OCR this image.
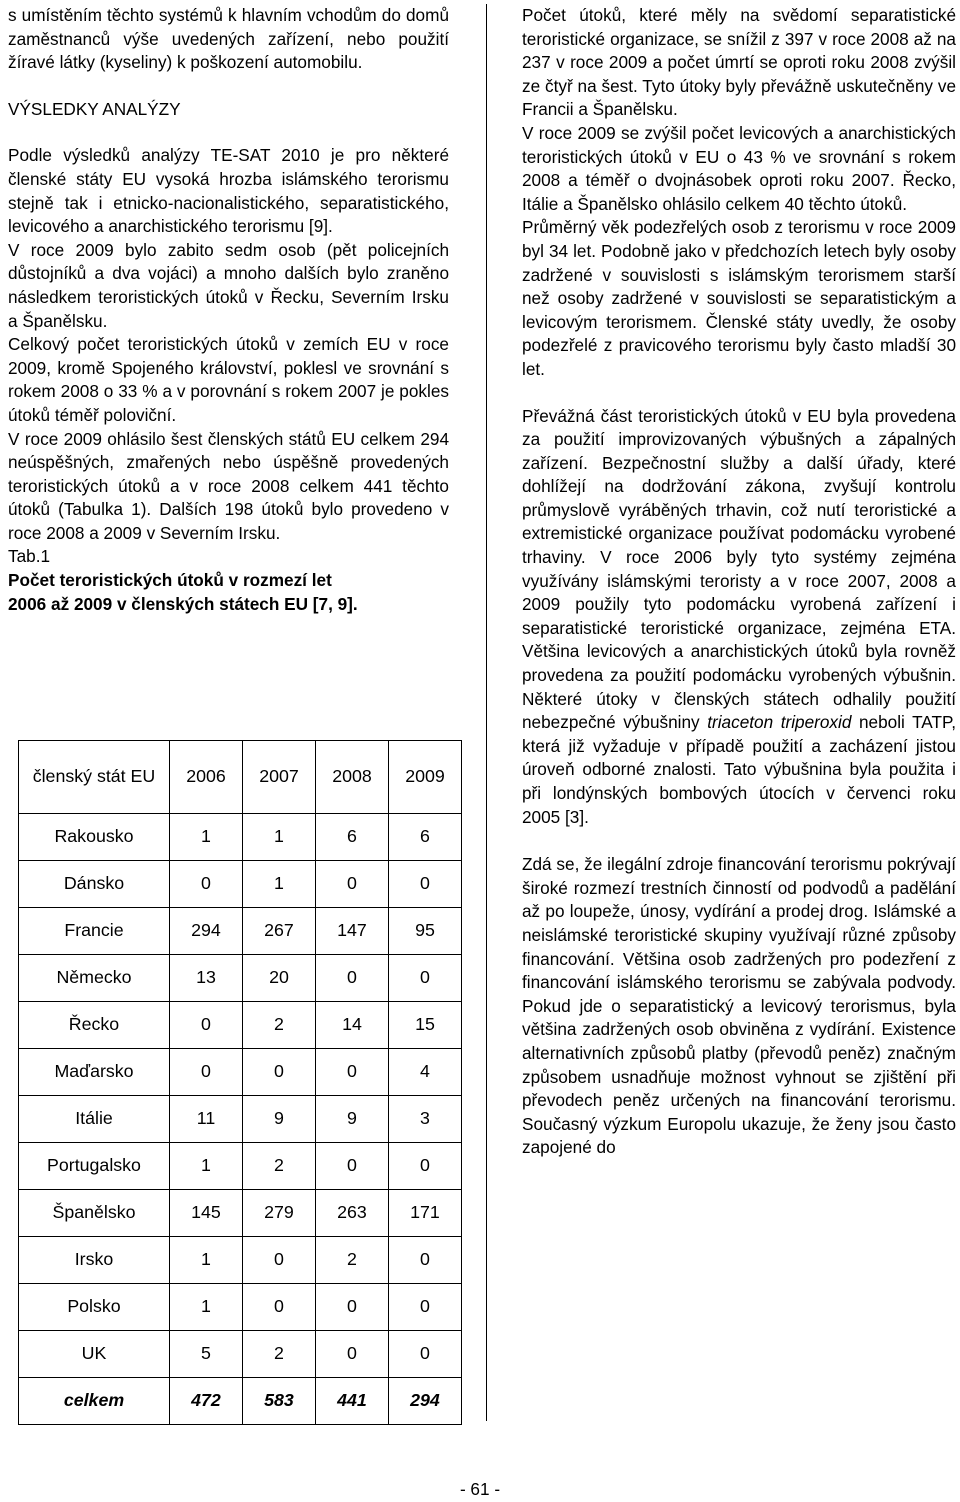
s umístěním těchto systémů k hlavním vchodům do domů zaměstnanců výše uvedených zařízení, nebo použití žíravé látky (kyseliny) k poškození automobilu.

VÝSLEDKY ANALÝZY

Podle výsledků analýzy TE-SAT 2010 je pro některé členské státy EU vysoká hrozba islámského terorismu stejně tak i etnicko-nacionalistického, separatistického, levicového a anarchistického terorismu [9].

V roce 2009 bylo zabito sedm osob (pět policejních důstojníků a dva vojáci) a mnoho dalších bylo zraněno následkem teroristických útoků v Řecku, Severním Irsku a Španělsku.

Celkový počet teroristických útoků v zemích EU v roce 2009, kromě Spojeného království, poklesl ve srovnání s rokem 2008 o 33 % a v porovnání s rokem 2007 je pokles útoků téměř poloviční.

V roce 2009 ohlásilo šest členských států EU celkem 294 neúspěšných, zmařených nebo úspěšně provedených teroristických útoků a v roce 2008 celkem 441 těchto útoků (Tabulka 1). Dalších 198 útoků bylo provedeno v roce 2008 a 2009 v Severním Irsku.

Tab.1

Počet teroristických útoků v rozmezí let
2006 až 2009 v členských státech EU [7, 9].

členský stát EU	2006	2007	2008	2009
Rakousko	1	1	6	6
Dánsko	0	1	0	0
Francie	294	267	147	95
Německo	13	20	0	0
Řecko	0	2	14	15
Maďarsko	0	0	0	4
Itálie	11	9	9	3
Portugalsko	1	2	0	0
Španělsko	145	279	263	171
Irsko	1	0	2	0
Polsko	1	0	0	0
UK	5	2	0	0
celkem	472	583	441	294

Počet útoků, které měly na svědomí separatistické teroristické organizace, se snížil z 397 v roce 2008 až na 237 v roce 2009 a počet úmrtí se oproti roku 2008 zvýšil ze čtyř na šest. Tyto útoky byly převážně uskutečněny ve Francii a Španělsku.

V roce 2009 se zvýšil počet levicových a anarchistických teroristických útoků v EU o 43 % ve srovnání s rokem 2008 a téměř o dvojnásobek oproti roku 2007. Řecko, Itálie a Španělsko ohlásilo celkem 40 těchto útoků.

Průměrný věk podezřelých osob z terorismu v roce 2009 byl 34 let. Podobně jako v předchozích letech byly osoby zadržené v souvislosti s islámským terorismem starší než osoby zadržené v souvislosti se separatistickým a levicovým terorismem. Členské státy uvedly, že osoby podezřelé z pravicového terorismu byly často mladší 30 let.

Převážná část teroristických útoků v EU byla provedena za použití improvizovaných výbušných a zápalných zařízení. Bezpečnostní služby a další úřady, které dohlížejí na dodržování zákona, zvyšují kontrolu průmyslově vyráběných trhavin, což nutí teroristické a extremistické organizace používat podomácku vyrobené trhaviny. V roce 2006 byly tyto systémy zejména využívány islámskými teroristy a v roce 2007, 2008 a 2009 použily tyto podomácku vyrobená zařízení i separatistické teroristické organizace, zejména ETA. Většina levicových a anarchistických útoků byla rovněž provedena za použití podomácku vyrobených výbušnin. Některé útoky v členských státech odhalily použití nebezpečné výbušniny triaceton triperoxid neboli TATP, která již vyžaduje v případě použití a zacházení jistou úroveň odborné znalosti. Tato výbušnina byla použita i při londýnských bombových útocích v červenci roku 2005 [3].

Zdá se, že ilegální zdroje financování terorismu pokrývají široké rozmezí trestních činností od podvodů a padělání až po loupeže, únosy, vydírání a prodej drog. Islámské a neislámské teroristické skupiny využívají různé způsoby financování. Většina osob zadržených pro podezření z financování islámského terorismu se zabývala podvody. Pokud jde o separatistický a levicový terorismus, byla většina zadržených osob obviněna z vydírání. Existence alternativních způsobů platby (převodů peněz) značným způsobem usnadňuje možnost vyhnout se zjištění při převodech peněz určených na financování terorismu. Současný výzkum Europolu ukazuje, že ženy jsou často zapojené do

- 61 -
